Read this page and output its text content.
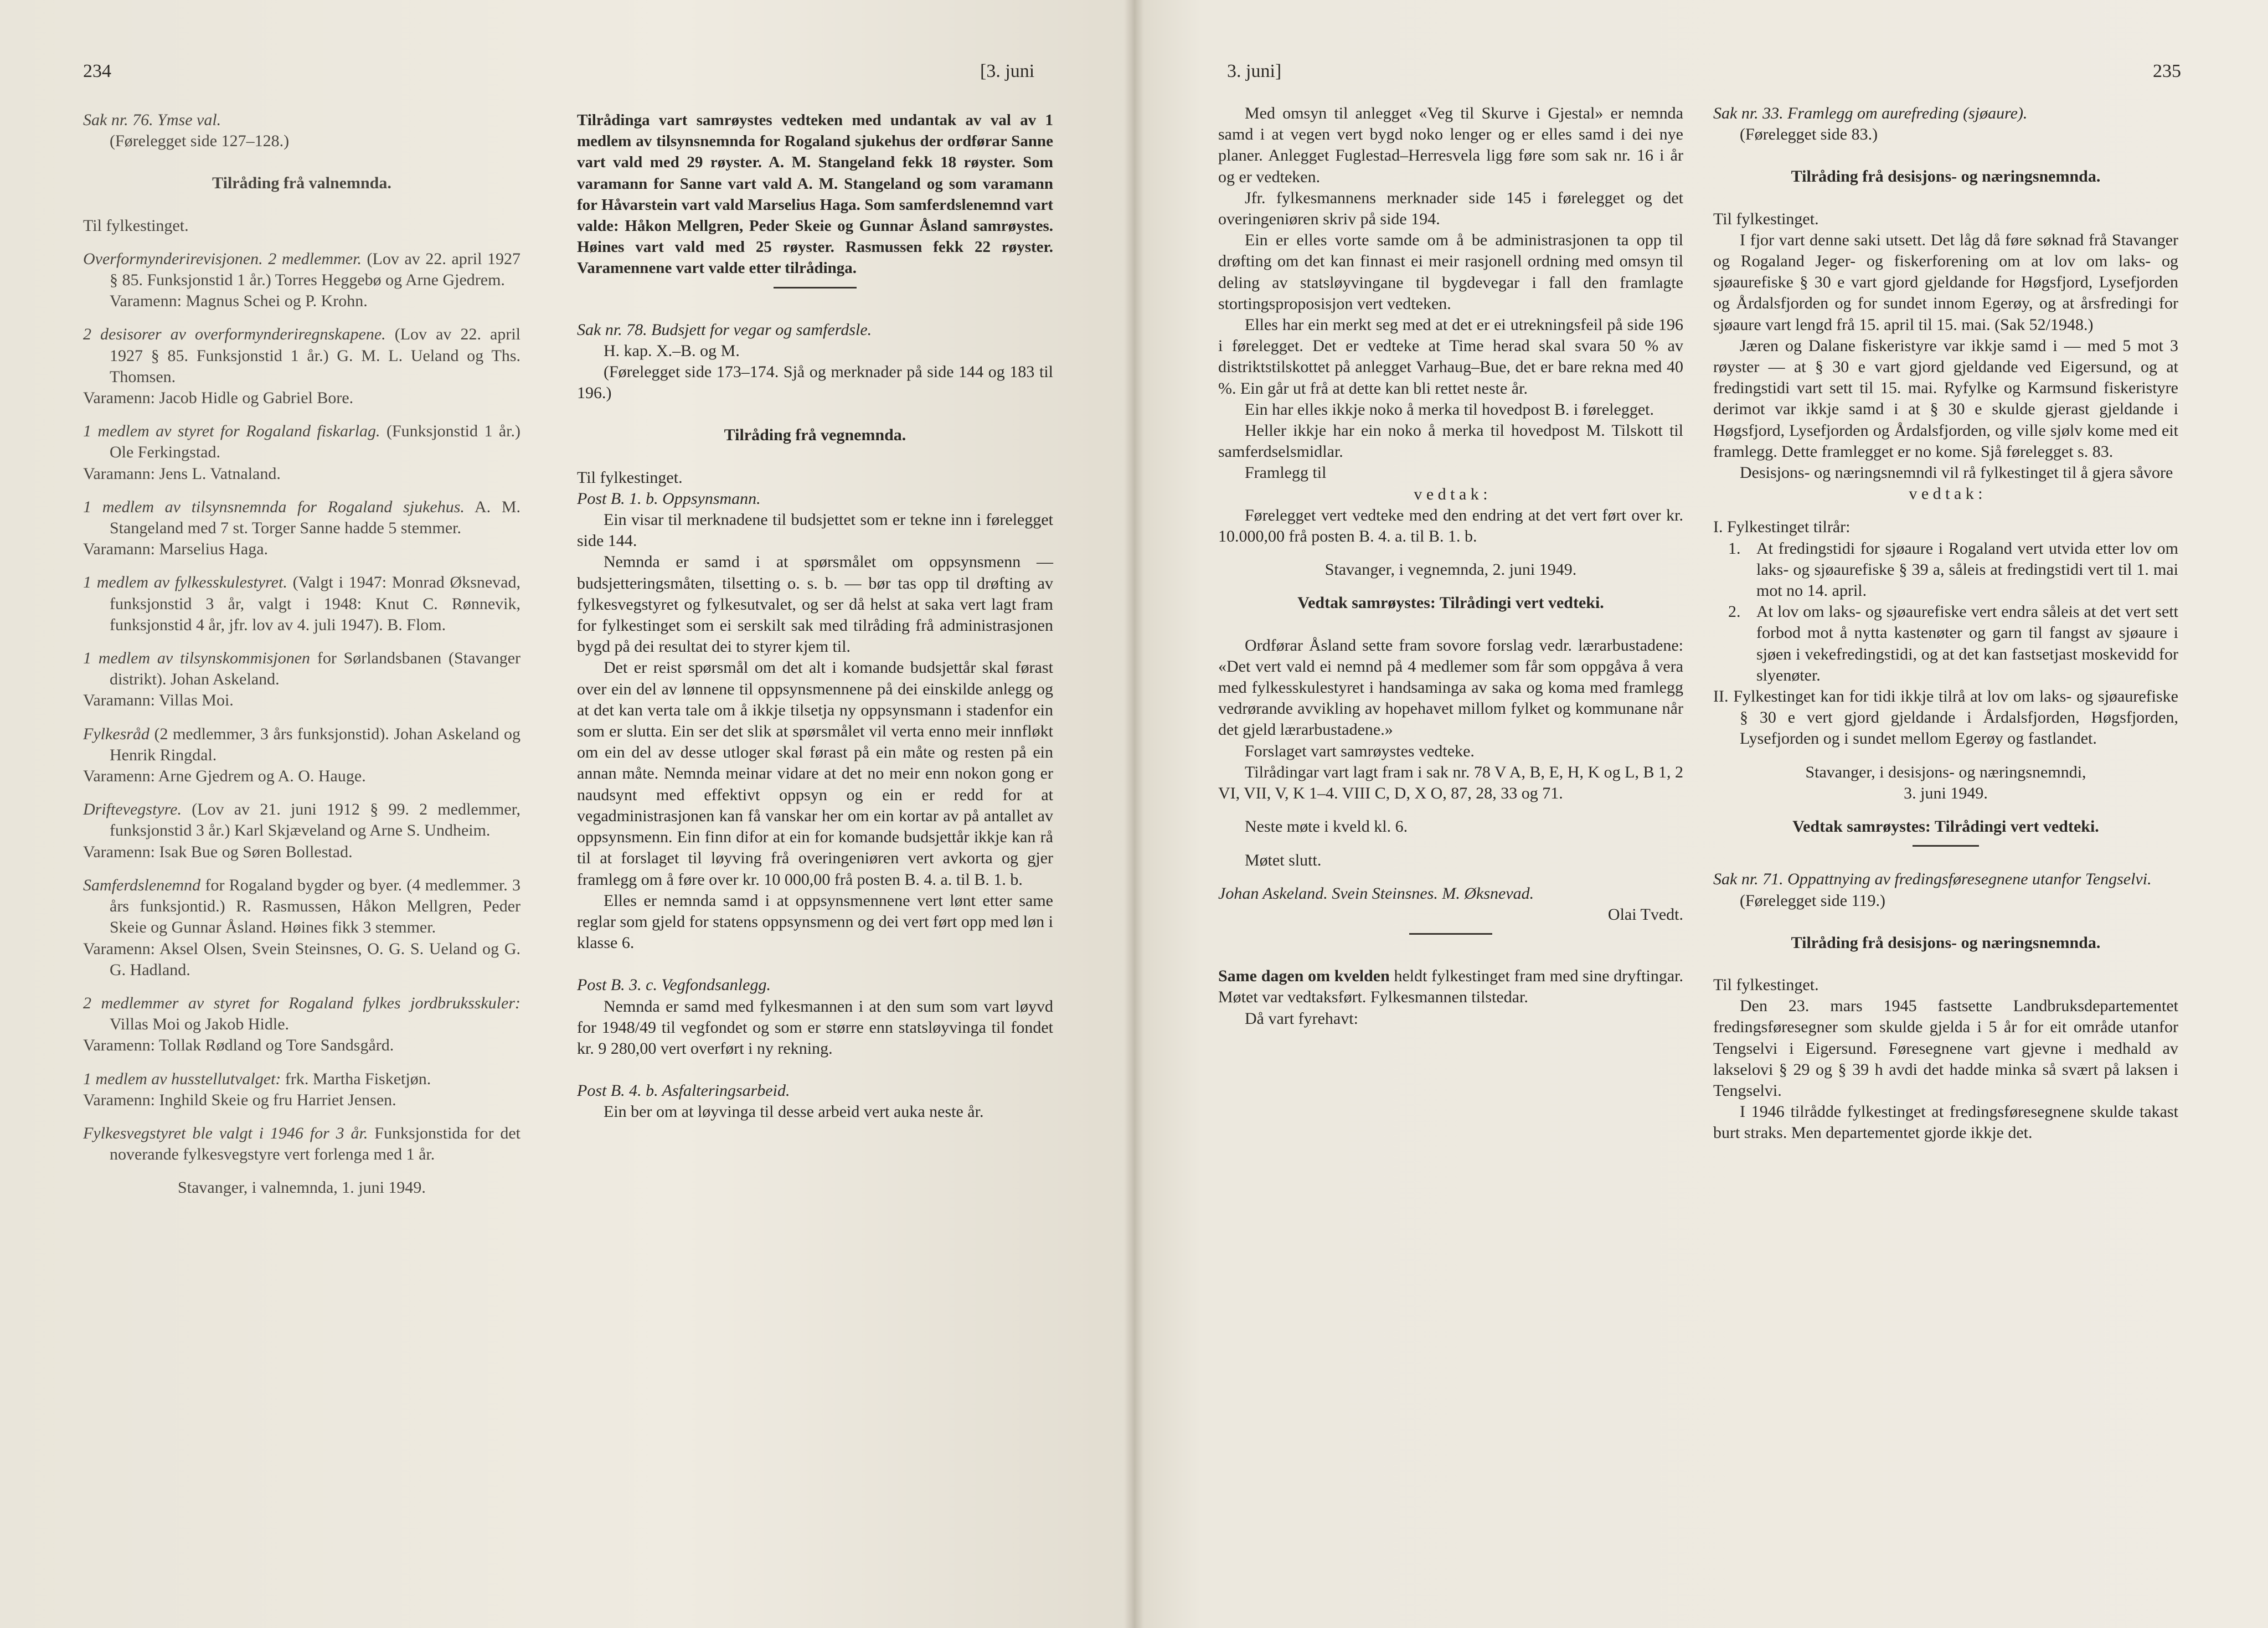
234	[3. juni

Sak nr. 76. Ymse val.

(Førelegget side 127–128.)

Tilråding frå valnemnda.

Til fylkestinget.

Overformynderirevisjonen. 2 medlemmer. (Lov av 22. april 1927 § 85. Funksjonstid 1 år.) Torres Heggebø og Arne Gjedrem.

Varamenn: Magnus Schei og P. Krohn.

2 desisorer av overformynderiregnskapene. (Lov av 22. april 1927 § 85. Funksjonstid 1 år.) G. M. L. Ueland og Ths. Thomsen.

Varamenn: Jacob Hidle og Gabriel Bore.

1 medlem av styret for Rogaland fiskarlag. (Funksjonstid 1 år.) Ole Ferkingstad.

Varamann: Jens L. Vatnaland.

1 medlem av tilsynsnemnda for Rogaland sjukehus. A. M. Stangeland med 7 st. Torger Sanne hadde 5 stemmer.

Varamann: Marselius Haga.

1 medlem av fylkesskulestyret. (Valgt i 1947: Monrad Øksnevad, funksjonstid 3 år, valgt i 1948: Knut C. Rønnevik, funksjonstid 4 år, jfr. lov av 4. juli 1947). B. Flom.

1 medlem av tilsynskommisjonen for Sørlandsbanen (Stavanger distrikt). Johan Askeland.

Varamann: Villas Moi.

Fylkesråd (2 medlemmer, 3 års funksjonstid). Johan Askeland og Henrik Ringdal.

Varamenn: Arne Gjedrem og A. O. Hauge.

Driftevegstyre. (Lov av 21. juni 1912 § 99. 2 medlemmer, funksjonstid 3 år.) Karl Skjæveland og Arne S. Undheim.

Varamenn: Isak Bue og Søren Bollestad.

Samferdslenemnd for Rogaland bygder og byer. (4 medlemmer. 3 års funksjontid.) R. Rasmussen, Håkon Mellgren, Peder Skeie og Gunnar Åsland. Høines fikk 3 stemmer.

Varamenn: Aksel Olsen, Svein Steinsnes, O. G. S. Ueland og G. G. Hadland.

2 medlemmer av styret for Rogaland fylkes jordbruksskuler: Villas Moi og Jakob Hidle.

Varamenn: Tollak Rødland og Tore Sandsgård.

1 medlem av husstellutvalget: frk. Martha Fisketjøn.

Varamenn: Inghild Skeie og fru Harriet Jensen.

Fylkesvegstyret ble valgt i 1946 for 3 år. Funksjonstida for det noverande fylkesvegstyre vert forlenga med 1 år.

Stavanger, i valnemnda, 1. juni 1949.

Tilrådinga vart samrøystes vedteken med undantak av val av 1 medlem av tilsynsnemnda for Rogaland sjukehus der ordførar Sanne vart vald med 29 røyster. A. M. Stangeland fekk 18 røyster. Som varamann for Sanne vart vald A. M. Stangeland og som varamann for Håvarstein vart vald Marselius Haga. Som samferdslenemnd vart valde: Håkon Mellgren, Peder Skeie og Gunnar Åsland samrøystes. Høines vart vald med 25 røyster. Rasmussen fekk 22 røyster. Varamennene vart valde etter tilrådinga.

Sak nr. 78. Budsjett for vegar og samferdsle.

H. kap. X.–B. og M.

(Førelegget side 173–174. Sjå og merknader på side 144 og 183 til 196.)

Tilråding frå vegnemnda.

Til fylkestinget.

Post B. 1. b. Oppsynsmann.

Ein visar til merknadene til budsjettet som er tekne inn i førelegget side 144.

Nemnda er samd i at spørsmålet om oppsynsmenn — budsjetteringsmåten, tilsetting o. s. b. — bør tas opp til drøfting av fylkesvegstyret og fylkesutvalet, og ser då helst at saka vert lagt fram for fylkestinget som ei serskilt sak med tilråding frå administrasjonen bygd på dei resultat dei to styrer kjem til.

Det er reist spørsmål om det alt i komande budsjettår skal førast over ein del av lønnene til oppsynsmennene på dei einskilde anlegg og at det kan verta tale om å ikkje tilsetja ny oppsynsmann i stadenfor ein som er slutta. Ein ser det slik at spørsmålet vil verta enno meir innfløkt om ein del av desse utloger skal førast på ein måte og resten på ein annan måte. Nemnda meinar vidare at det no meir enn nokon gong er naudsynt med effektivt oppsyn og ein er redd for at vegadministrasjonen kan få vanskar her om ein kortar av på antallet av oppsynsmenn. Ein finn difor at ein for komande budsjettår ikkje kan rå til at forslaget til løyving frå overingeniøren vert avkorta og gjer framlegg om å føre over kr. 10 000,00 frå posten B. 4. a. til B. 1. b.

Elles er nemnda samd i at oppsynsmennene vert lønt etter same reglar som gjeld for statens oppsynsmenn og dei vert ført opp med løn i klasse 6.

Post B. 3. c. Vegfondsanlegg.

Nemnda er samd med fylkesmannen i at den sum som vart løyvd for 1948/49 til vegfondet og som er større enn statsløyvinga til fondet kr. 9 280,00 vert overført i ny rekning.

Post B. 4. b. Asfalteringsarbeid.

Ein ber om at løyvinga til desse arbeid vert auka neste år.

3. juni]	235

Med omsyn til anlegget «Veg til Skurve i Gjestal» er nemnda samd i at vegen vert bygd noko lenger og er elles samd i dei nye planer. Anlegget Fuglestad–Herresvela ligg føre som sak nr. 16 i år og er vedteken.

Jfr. fylkesmannens merknader side 145 i førelegget og det overingeniøren skriv på side 194.

Ein er elles vorte samde om å be administrasjonen ta opp til drøfting om det kan finnast ei meir rasjonell ordning med omsyn til deling av statsløyvingane til bygdevegar i fall den framlagte stortingsproposisjon vert vedteken.

Elles har ein merkt seg med at det er ei utrekningsfeil på side 196 i førelegget. Det er vedteke at Time herad skal svara 50 % av distriktstilskottet på anlegget Varhaug–Bue, det er bare rekna med 40 %. Ein går ut frå at dette kan bli rettet neste år.

Ein har elles ikkje noko å merka til hovedpost B. i førelegget.

Heller ikkje har ein noko å merka til hovedpost M. Tilskott til samferdselsmidlar.

Framlegg til

v e d t a k :

Førelegget vert vedteke med den endring at det vert ført over kr. 10.000,00 frå posten B. 4. a. til B. 1. b.

Stavanger, i vegnemnda, 2. juni 1949.

Vedtak samrøystes: Tilrådingi vert vedteki.

Ordførar Åsland sette fram sovore forslag vedr. lærarbustadene: «Det vert vald ei nemnd på 4 medlemer som får som oppgåva å vera med fylkesskulestyret i handsaminga av saka og koma med framlegg vedrørande avvikling av hopehavet millom fylket og kommunane når det gjeld lærarbustadene.»

Forslaget vart samrøystes vedteke.

Tilrådingar vart lagt fram i sak nr. 78 V A, B, E, H, K og L, B 1, 2 VI, VII, V, K 1–4. VIII C, D, X O, 87, 28, 33 og 71.

Neste møte i kveld kl. 6.

Møtet slutt.

Johan Askeland. Svein Steinsnes. M. Øksnevad.

Olai Tvedt.

Same dagen om kvelden heldt fylkestinget fram med sine dryftingar. Møtet var vedtaksført. Fylkesmannen tilstedar.

Då vart fyrehavt:

Sak nr. 33. Framlegg om aurefreding (sjøaure).

(Førelegget side 83.)

Tilråding frå desisjons- og næringsnemnda.

Til fylkestinget.

I fjor vart denne saki utsett. Det låg då føre søknad frå Stavanger og Rogaland Jeger- og fiskerforening om at lov om laks- og sjøaurefiske § 30 e vart gjord gjeldande for Høgsfjord, Lysefjorden og Årdalsfjorden og for sundet innom Egerøy, og at årsfredingi for sjøaure vart lengd frå 15. april til 15. mai. (Sak 52/1948.)

Jæren og Dalane fiskeristyre var ikkje samd i — med 5 mot 3 røyster — at § 30 e vart gjord gjeldande ved Eigersund, og at fredingstidi vart sett til 15. mai. Ryfylke og Karmsund fiskeristyre derimot var ikkje samd i at § 30 e skulde gjerast gjeldande i Høgsfjord, Lysefjorden og Årdalsfjorden, og ville sjølv kome med eit framlegg. Dette framlegget er no kome. Sjå førelegget s. 83.

Desisjons- og næringsnemndi vil rå fylkestinget til å gjera såvore

v e d t a k :

I. Fylkestinget tilrår:

1. At fredingstidi for sjøaure i Rogaland vert utvida etter lov om laks- og sjøaurefiske § 39 a, såleis at fredingstidi vert til 1. mai mot no 14. april.
2. At lov om laks- og sjøaurefiske vert endra såleis at det vert sett forbod mot å nytta kastenøter og garn til fangst av sjøaure i sjøen i vekefredingstidi, og at det kan fastsetjast moskevidd for slyenøter.

II. Fylkestinget kan for tidi ikkje tilrå at lov om laks- og sjøaurefiske § 30 e vert gjord gjeldande i Årdalsfjorden, Høgsfjorden, Lysefjorden og i sundet mellom Egerøy og fastlandet.

Stavanger, i desisjons- og næringsnemndi,

3. juni 1949.

Vedtak samrøystes: Tilrådingi vert vedteki.

Sak nr. 71. Oppattnying av fredingsføresegnene utanfor Tengselvi.

(Førelegget side 119.)

Tilråding frå desisjons- og næringsnemnda.

Til fylkestinget.

Den 23. mars 1945 fastsette Landbruksdepartementet fredingsføresegner som skulde gjelda i 5 år for eit område utanfor Tengselvi i Eigersund. Føresegnene vart gjevne i medhald av lakselovi § 29 og § 39 h avdi det hadde minka så svært på laksen i Tengselvi.

I 1946 tilrådde fylkestinget at fredingsføresegnene skulde takast burt straks. Men departementet gjorde ikkje det.
